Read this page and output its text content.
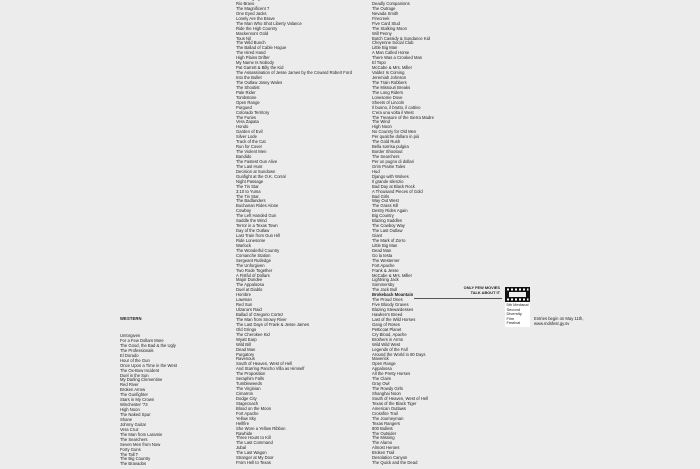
WESTERN
Unforgiven
For a Few Dollars More
The Good, the Bad & the Ugly
The Professionals
El Dorado
Hour of the Gun
Once Upon a Time in the West
The Ox-Bow Incident
Duel in the Sun
My Darling Clementine
Red River
Broken Arrow
The Gunfighter
Stars in My Crown
Winchester '73
High Noon
The Naked Spur
Shane
Johnny Guitar
Vera Cruz
The Man from Laramie
The Searchers
Seven Men from Now
Forty Guns
The Tall T
The Big Country
The Bravados
Rio Bravo
The Magnificent 7
One Eyed Jacks
Lonely Are the Brave
The Man Who Shot Liberty Valance
Ride the High Country
Mackenna's Gold
Tous Nil
The Wild Bunch
The Ballad of Cable Hogue
The Hired Hand
High Plains Drifter
My Name Is Nobody
Pat Garrett & Billy the Kid
The Assassination of Jesse James by the Coward Robert Ford
Into the Bullet
The Outlaw Josey Wales
The Shootist
Pale Rider
Tombstone
Open Range
Purgued
Colorado Territory
The Furies
Vera Zapata
Hondo
Garden of Evil
Silver Lode
Track of the Cat
Run for Cover
The Violent Men
Bandido
The Fastest Gun Alive
The Last Hunt
Decision at Sundown
Gunfight at the O.K. Corral
Night Passage
The Tin Star
3:10 to Yuma
The Tin Star
The Badlanders
Buchanan Rides Alone
Cowboy
The Left Handed Gun
Saddle the Wind
Terror in a Texas Town
Day of the Outlaw
Last Train from Gun Hill
Ride Lonesome
Warlock
The Wonderful Country
Comanche Station
Sergeant Rutledge
The Unforgiven
Two Rode Together
A Fistful of Dollars
Major Dundee
The Appaloosa
Duel at Diablo
Hombre
Lawman
Red Sun
Ulzana's Raid
Ballad of Gregorio Cortez
The Man from Snowy River
The Last Days of Frank & Jesse James
Old Gringo
The Cherokee Kid
Wyatt Earp
Wild Bill
Dead Man
Purgatory
Ravenous
South of Heaven, West of Hell
And Starring Pancho Villa as Himself
The Proposition
Seraphim Falls
Tumbleweeds
The Virginian
Cimarron
Dodge City
Stagecoach
Blood on the Moon
Fort Apache
Yellow Sky
Hellfire
She Wore a Yellow Ribbon
Rawhide
Three Hours to Kill
The Last Command
Jubal
The Last Wagon
Stranger at My Door
From Hell to Texas
Deadly Companions
The Outrage
Nevada Smith
Firecreek
Five Card Stud
The Stalking Moon
Will Penny
Butch Cassidy & Sundance Kid
Cheyenne Social Club
Little Big Man
A Man Called Horse
There Was a Crooked Man
El Topo
McCabe & Mrs. Miller
Valdez Is Coming
Jeremiah Johnson
The Train Robbers
The Missouri Breaks
The Long Riders
Lonesome Dove
Sheets of Lincoln
Il buono, il brutto, il cattivo
C'era una volta il West
The Treasure of the Sierra Madre
The Wind
High Noon
No Country for Old Men
Per qualche dollaro in più
The Gold Rush
Bella sorrisa pulgira
Border Shootout
The Searchers
Per un pugno di dollari
Grim Prairie Tales
Hud
Django with Wolves
Il grande silenzio
Bad Day at Black Rock
A Thousand Pieces of Gold
Bad Girls
Way Out West
The Grass Kill
Destry Rides Again
Big Country
Blazing Saddles
The Cowboy Way
The Last Outlaw
Giant
The Mark of Zorro
Little Big Man
Dead Man
Go la testa
The Westerner
Fort Apache
Frank & Jesse
McCabe & Mrs. Miller
Lightning Jack
Sommersby
The Jack Bull
Brokeback Mountain
The Proud Ones
Five Bloody Graves
Blazing Stewardesses
Hawken's Breed
Last of the Wild Horses
Gang of Roses
Petticoat Planet
Cry Blood, Apache
Brothers in Arms
Wild Wild West
Legends of the Fall
Around the World in 80 Days
Maverick
Open Range
Appaloosa
All the Pretty Horses
The Claim
Gray Owl
The Rowdy Girls
Shanghai Noon
South of Heaven, West of Hell
Texas of the Black Tiger
American Outlaws
Crossfire Trail
The Journeyman
Texas Rangers
800 Bullets
The Outsider
The Missing
The Alamo
Almost Heroes
Broken Trail
Desolation Canyon
The Quick and the Dead
ONLY FEW MOVIES
TALK ABOUT IT
5th Medanal
Second
Diversity
Film
Festival
Entries begin on May 11th,
www.mdsfest.gy.sv
